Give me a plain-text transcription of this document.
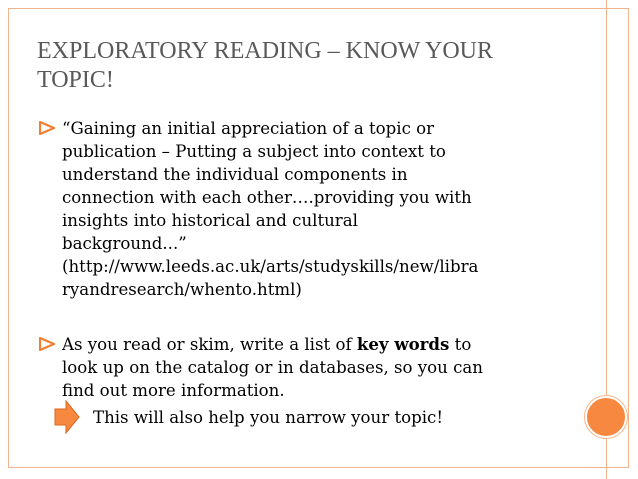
EXPLORATORY READING – KNOW YOUR
TOPIC!
“Gaining an initial appreciation of a topic or
publication – Putting a subject into context to
understand the individual components in
connection with each other….providing you with
insights into historical and cultural
background...”
(http://www.leeds.ac.uk/arts/studyskills/new/libra
ryandresearch/whento.html)
As you read or skim, write a list of key words to
look up on the catalog or in databases, so you can
find out more information.
This will also help you narrow your topic!
